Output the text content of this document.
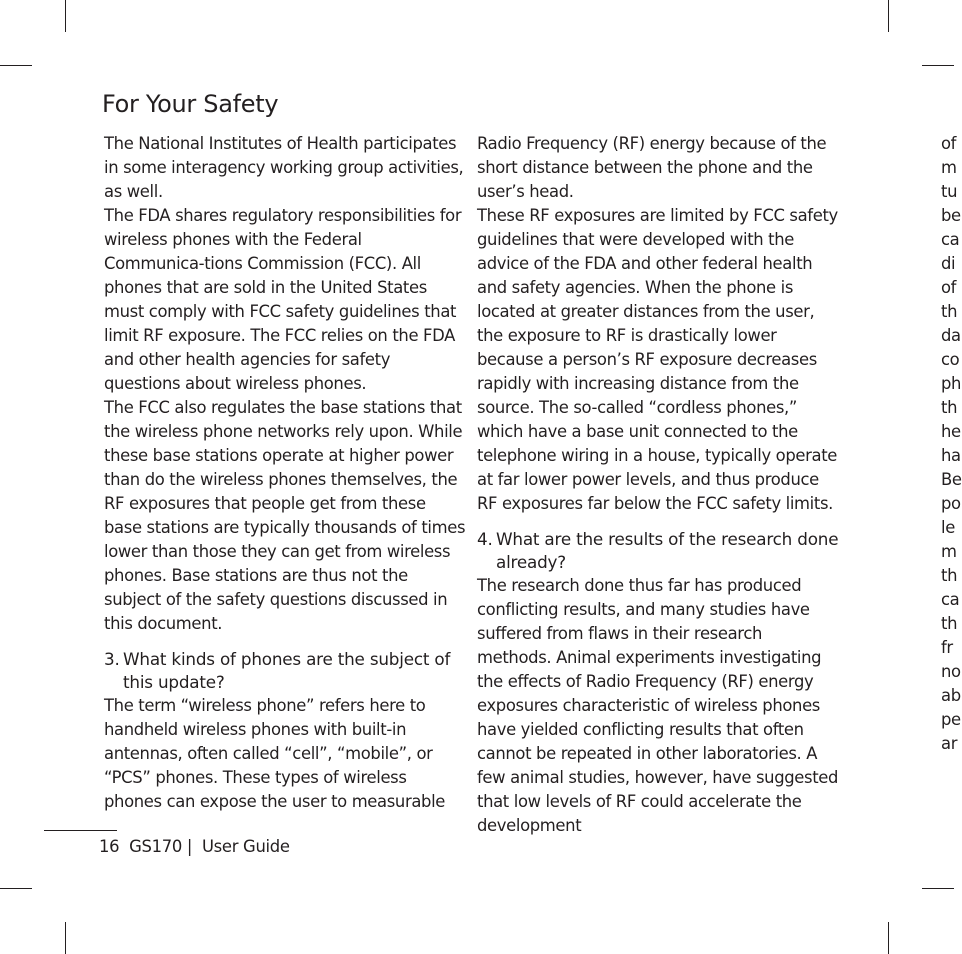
For Your Safety

The National Institutes of Health participates in some interagency working group activities, as well.

The FDA shares regulatory responsibilities for wireless phones with the Federal Communica-tions Commission (FCC). All phones that are sold in the United States must comply with FCC safety guidelines that limit RF exposure. The FCC relies on the FDA and other health agencies for safety questions about wireless phones.

The FCC also regulates the base stations that the wireless phone networks rely upon. While these base stations operate at higher power than do the wireless phones themselves, the RF exposures that people get from these base stations are typically thousands of times lower than those they can get from wireless phones. Base stations are thus not the subject of the safety questions discussed in this document.

3. What kinds of phones are the subject of this update?

The term “wireless phone” refers here to handheld wireless phones with built-in antennas, often called “cell”, “mobile”, or “PCS” phones. These types of wireless phones can expose the user to measurable

Radio Frequency (RF) energy because of the short distance between the phone and the user’s head.

These RF exposures are limited by FCC safety guidelines that were developed with the advice of the FDA and other federal health and safety agencies. When the phone is located at greater distances from the user, the exposure to RF is drastically lower because a person’s RF exposure decreases rapidly with increasing distance from the source. The so-called “cordless phones,” which have a base unit connected to the telephone wiring in a house, typically operate at far lower power levels, and thus produce RF exposures far below the FCC safety limits.

4. What are the results of the research done already?

The research done thus far has produced conflicting results, and many studies have suffered from flaws in their research methods. Animal experiments investigating the effects of Radio Frequency (RF) energy exposures characteristic of wireless phones have yielded conflicting results that often cannot be repeated in other laboratories. A few animal studies, however, have suggested that low levels of RF could accelerate the development

of
m
tu
be
ca
di
of
th
da
co
ph
th
he
ha
Be
po
le
m
th
ca
th
fr
no
ab
pe
ar
16 GS170 | User Guide
